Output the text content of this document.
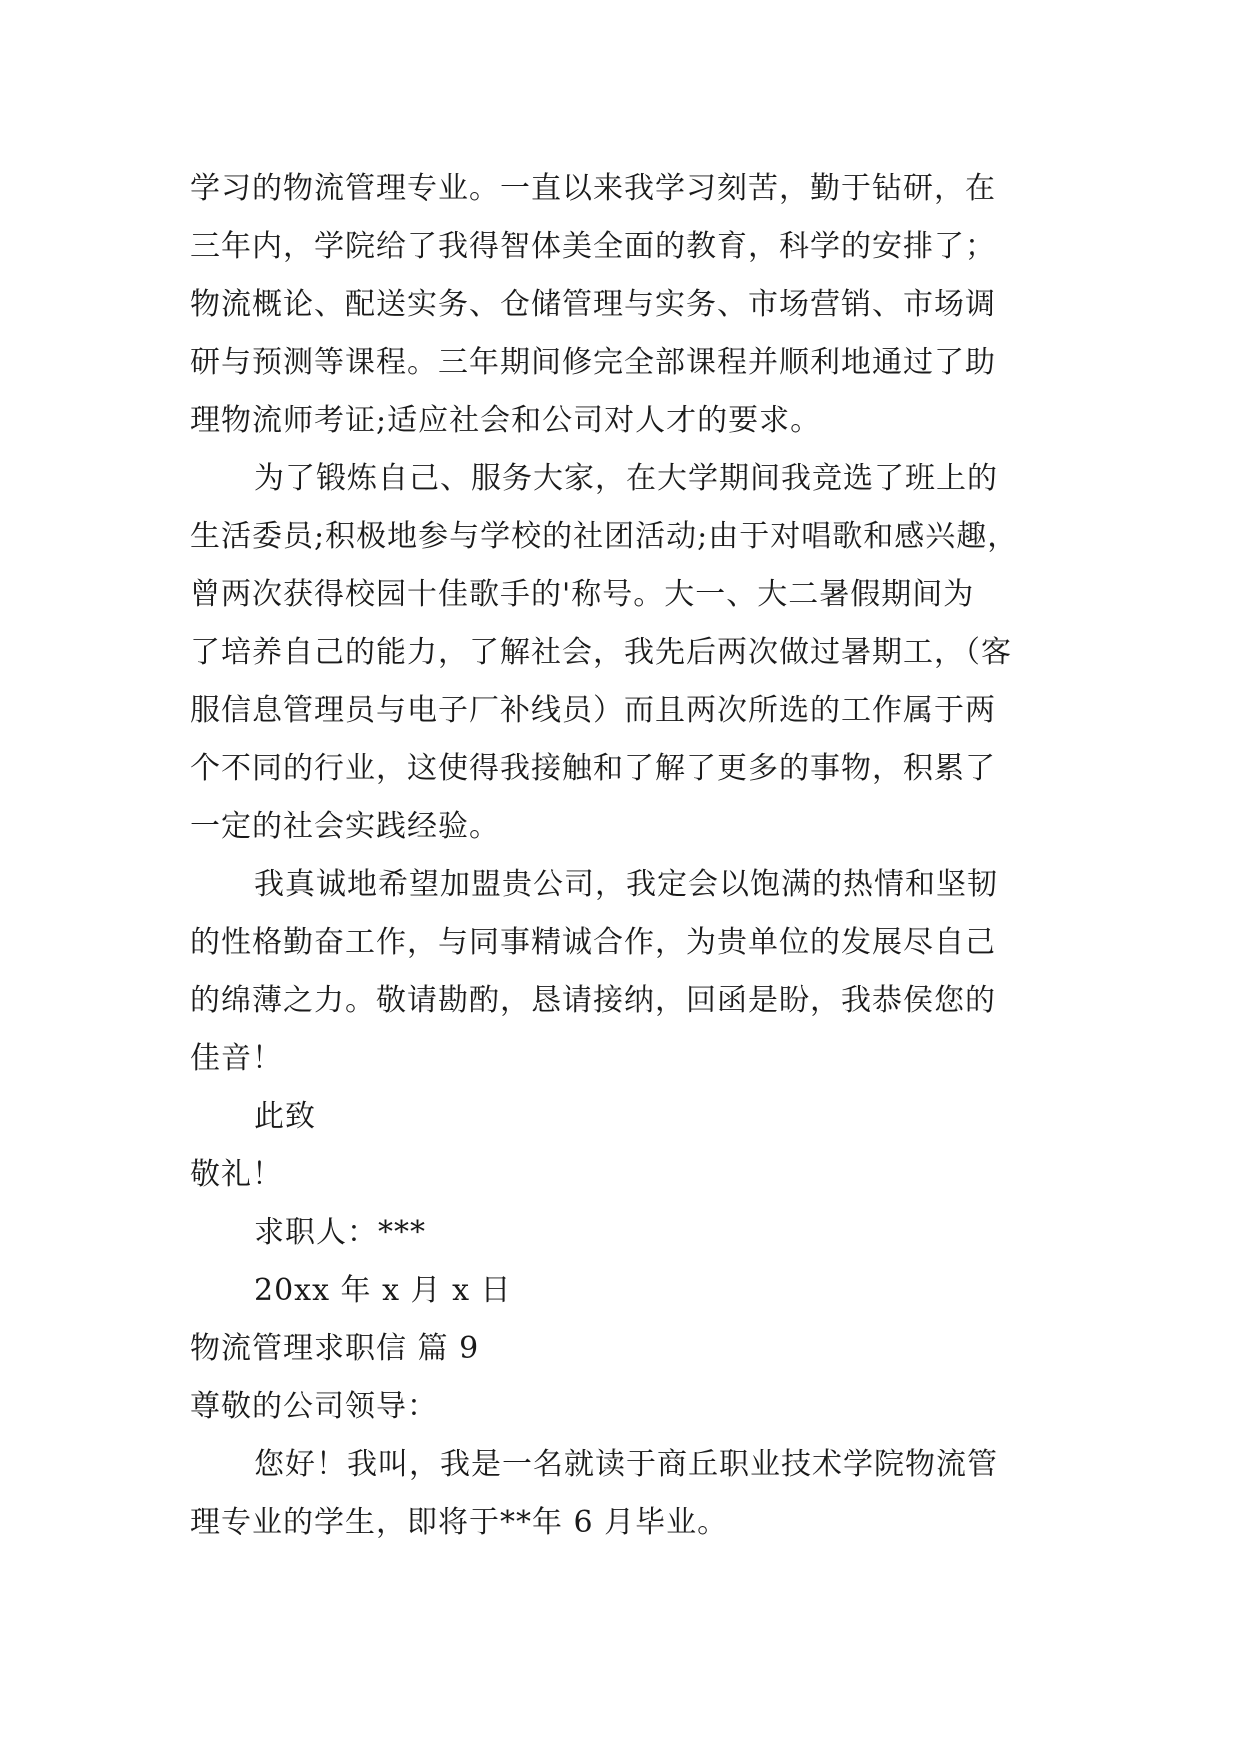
学习的物流管理专业。一直以来我学习刻苦，勤于钻研，在
三年内，学院给了我得智体美全面的教育，科学的安排了；
物流概论、配送实务、仓储管理与实务、市场营销、市场调
研与预测等课程。三年期间修完全部课程并顺利地通过了助
理物流师考证;适应社会和公司对人才的要求。
为了锻炼自己、服务大家，在大学期间我竞选了班上的
生活委员;积极地参与学校的社团活动;由于对唱歌和感兴趣，
曾两次获得校园十佳歌手的'称号。大一、大二暑假期间为
了培养自己的能力，了解社会，我先后两次做过暑期工，（客
服信息管理员与电子厂补线员）而且两次所选的工作属于两
个不同的行业，这使得我接触和了解了更多的事物，积累了
一定的社会实践经验。
我真诚地希望加盟贵公司，我定会以饱满的热情和坚韧
的性格勤奋工作，与同事精诚合作，为贵单位的发展尽自己
的绵薄之力。敬请勘酌，恳请接纳，回函是盼，我恭侯您的
佳音！
此致
敬礼！
求职人：***
20xx 年 x 月 x 日
物流管理求职信 篇 9
尊敬的公司领导：
您好！我叫，我是一名就读于商丘职业技术学院物流管
理专业的学生，即将于**年 6 月毕业。
